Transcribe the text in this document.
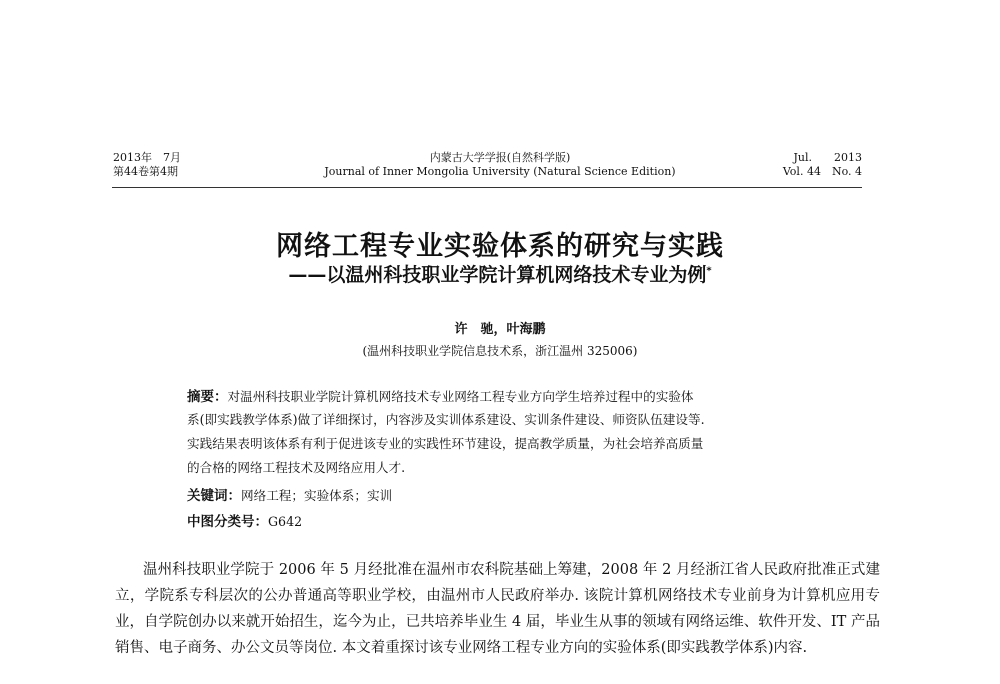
2013年　7月
第44卷第4期
内蒙古大学学报(自然科学版)
Journal of Inner Mongolia University (Natural Science Edition)
Jul.　　2013
Vol. 44　No. 4
网络工程专业实验体系的研究与实践
——以温州科技职业学院计算机网络技术专业为例*
许　驰，叶海鹏
(温州科技职业学院信息技术系，浙江温州 325006)
摘要：对温州科技职业学院计算机网络技术专业网络工程专业方向学生培养过程中的实验体
系(即实践教学体系)做了详细探讨，内容涉及实训体系建设、实训条件建设、师资队伍建设等.
实践结果表明该体系有利于促进该专业的实践性环节建设，提高教学质量，为社会培养高质量
的合格的网络工程技术及网络应用人才.
关键词：网络工程；实验体系；实训
中图分类号：G642
温州科技职业学院于 2006 年 5 月经批准在温州市农科院基础上筹建，2008 年 2 月经浙江省人民政府批准正式建立，学院系专科层次的公办普通高等职业学校，由温州市人民政府举办. 该院计算机网络技术专业前身为计算机应用专业，自学院创办以来就开始招生，迄今为止，已共培养毕业生 4 届，毕业生从事的领域有网络运维、软件开发、IT 产品销售、电子商务、办公文员等岗位. 本文着重探讨该专业网络工程专业方向的实验体系(即实践教学体系)内容.
